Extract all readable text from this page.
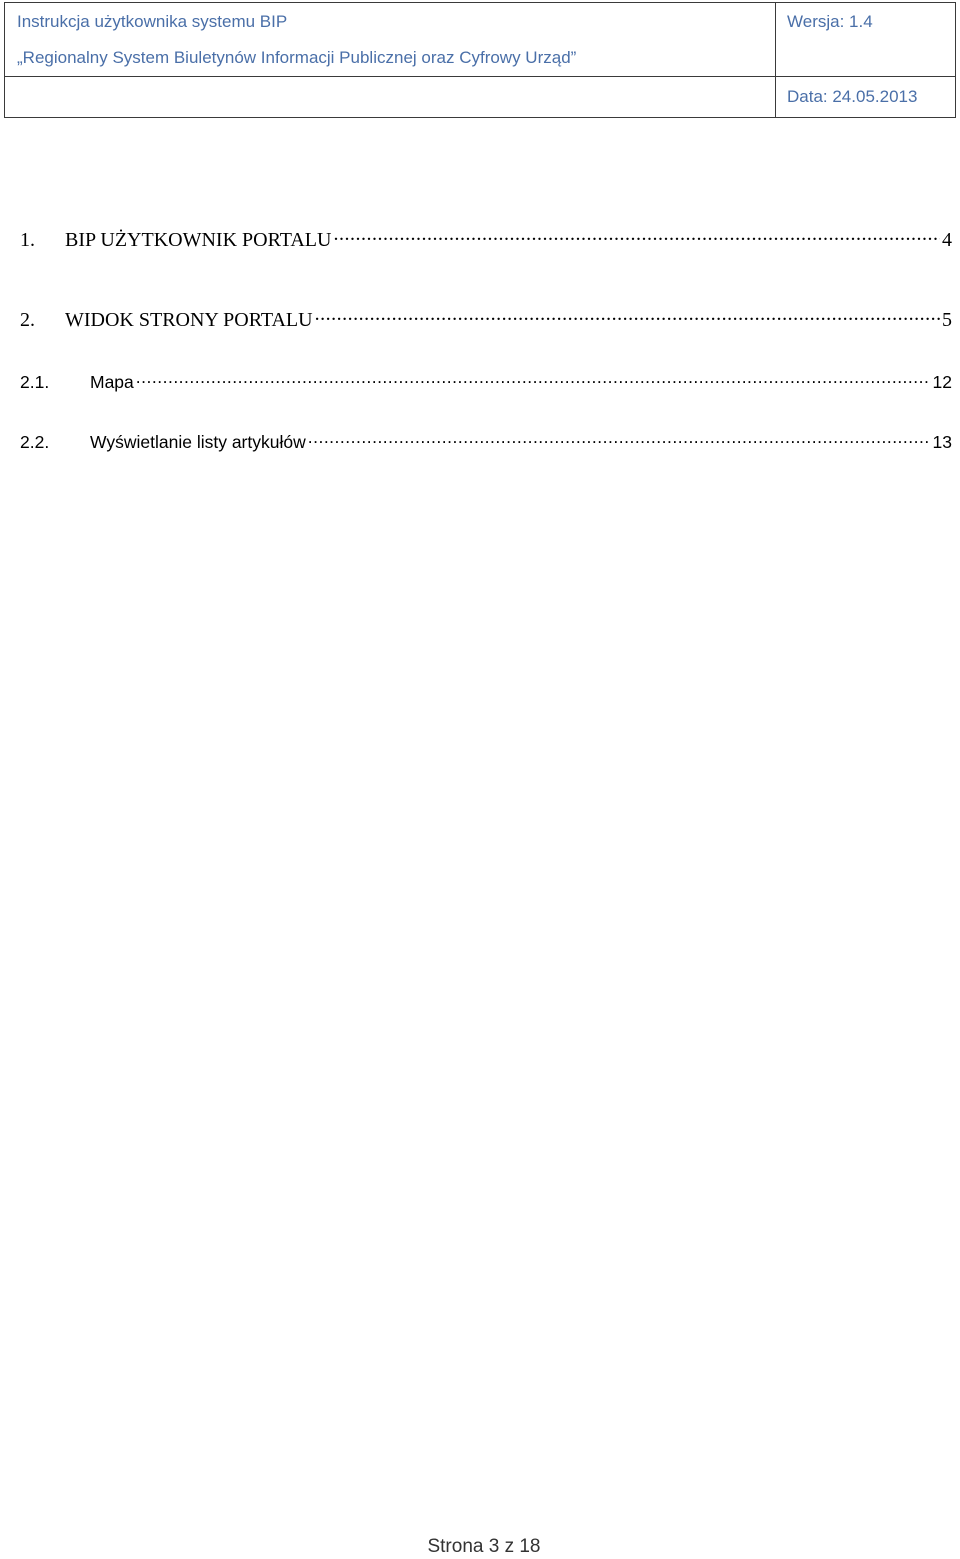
Instrukcja użytkownika systemu BIP
„Regionalny System Biuletynów Informacji Publicznej oraz Cyfrowy Urząd”
Wersja: 1.4
Data: 24.05.2013
1.	BIP UŻYTKOWNIK PORTALU .....	4
2.	WIDOK STRONY PORTALU .....	5
2.1.	Mapa .....	12
2.2.	Wyświetlanie listy artykułów .....	13
Strona 3 z 18
